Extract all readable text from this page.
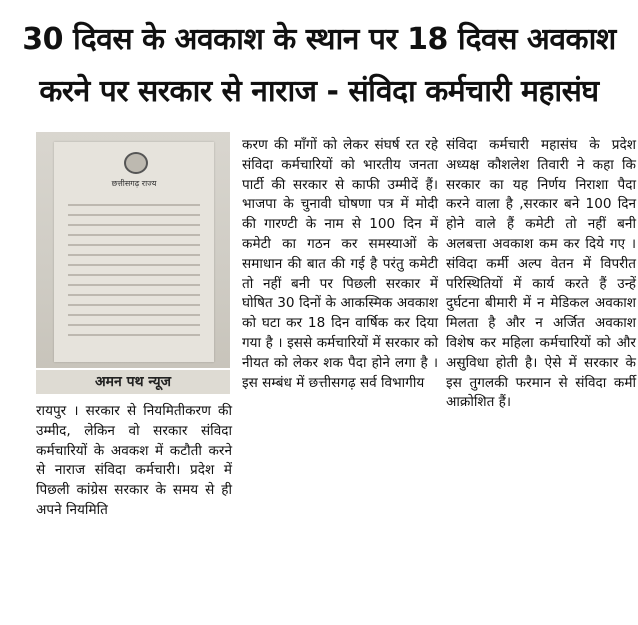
30 दिवस के अवकाश के स्थान पर 18 दिवस अवकाश
करने पर सरकार से नाराज - संविदा कर्मचारी महासंघ
छत्तीसगढ़ राज्य
अमन पथ न्यूज

रायपुर । सरकार से नियमितीकरण की उम्मीद, लेकिन वो सरकार संविदा कर्मचारियों के अवकश में कटौती करने से नाराज संविदा कर्मचारी। प्रदेश में पिछली कांग्रेस सरकार के समय से ही अपने नियमिति

करण की माँगों को लेकर संघर्ष रत रहे संविदा कर्मचारियों को भारतीय जनता पार्टी की सरकार से काफी उम्मीदें हैं। भाजपा के चुनावी घोषणा पत्र में मोदी की गारण्टी के नाम से 100 दिन में कमेटी का गठन कर समस्याओं के समाधान की बात की गई है परंतु कमेटी तो नहीं बनी पर पिछली सरकार में घोषित 30 दिनों के आकस्मिक अवकाश को घटा कर 18 दिन वार्षिक कर दिया गया है । इससे कर्मचारियों में सरकार को नीयत को लेकर शक पैदा होने लगा है ।इस सम्बंध में छत्तीसगढ़ सर्व विभागीय

संविदा कर्मचारी महासंघ के प्रदेश अध्यक्ष कौशलेश तिवारी ने कहा कि सरकार का यह निर्णय निराशा पैदा करने वाला है ,सरकार बने 100 दिन होने वाले हैं कमेटी तो नहीं बनी अलबत्ता अवकाश कम कर दिये गए ।संविदा कर्मी अल्प वेतन में विपरीत परिस्थितियों में कार्य करते हैं उन्हें दुर्घटना बीमारी में न मेडिकल अवकाश मिलता है और न अर्जित अवकाश विशेष कर महिला कर्मचारियों को और असुविधा होती है। ऐसे में सरकार के इस तुगलकी फरमान से संविदा कर्मी आक्रोशित हैं।
